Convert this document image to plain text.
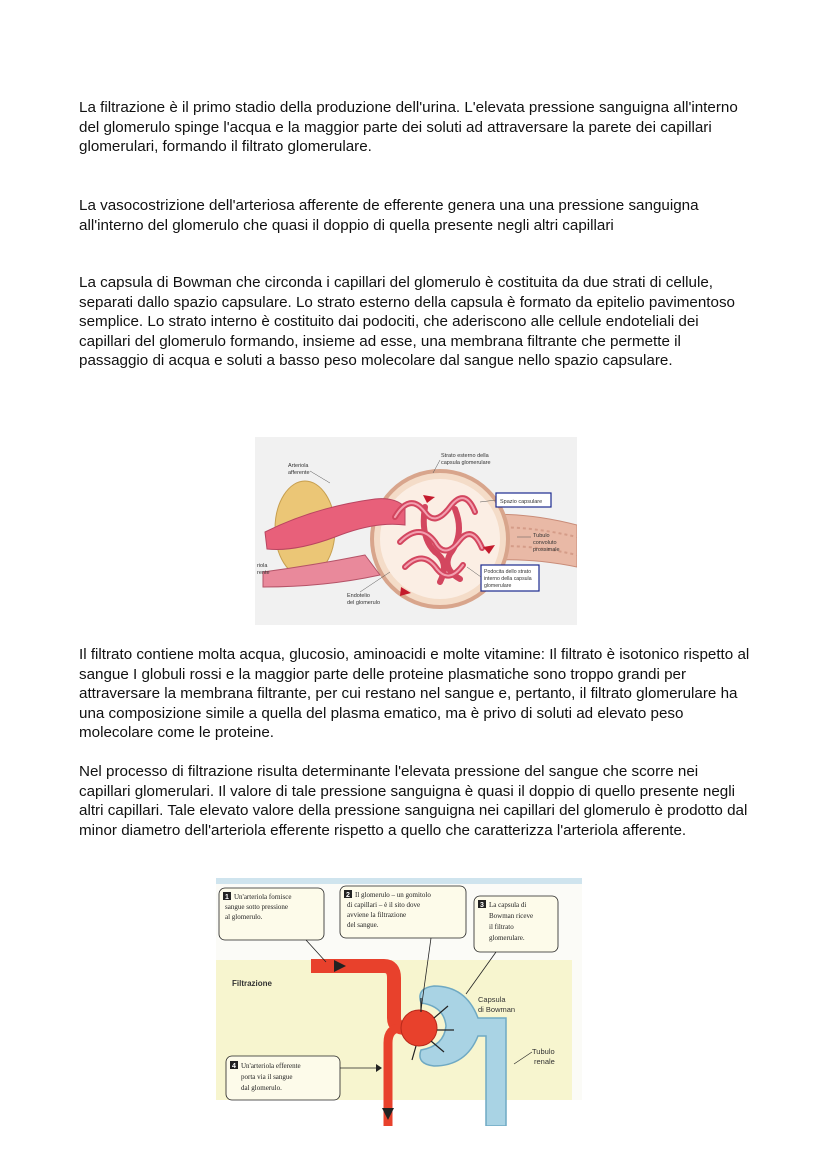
La filtrazione è il primo stadio della produzione dell'urina. L'elevata pressione sanguigna all'interno del glomerulo spinge l'acqua e la maggior parte dei soluti ad attraversare la parete dei capillari glomerulari, formando il filtrato glomerulare.

La vasocostrizione dell'arteriosa afferente de efferente genera una una pressione sanguigna all'interno del glomerulo che quasi il doppio di quella presente negli altri capillari

La capsula di Bowman che circonda i capillari del glomerulo è costituita da due strati di cellule, separati dallo spazio capsulare. Lo strato esterno della capsula è formato da epitelio pavimentoso semplice. Lo strato interno è costituito dai podociti, che aderiscono alle cellule endoteliali dei capillari del glomerulo formando, insieme ad esse, una membrana filtrante che permette il passaggio di acqua e soluti a basso peso molecolare dal sangue nello spazio capsulare.

Arteriola
afferente
Strato esterno della
capsula glomerulare
Spazio capsulare
Tubulo
convoluto
prossimale
riola
rente	Podocita dello strato
interno della capsula
glomerulare
Endotelio
del glomerulo

Il filtrato contiene molta acqua, glucosio, aminoacidi e molte vitamine: Il filtrato è isotonico rispetto al sangue I globuli rossi e la maggior parte delle proteine plasmatiche sono troppo grandi per attraversare la membrana filtrante, per cui restano nel sangue e, pertanto, il filtrato glomerulare ha una composizione simile a quella del plasma ematico, ma è privo di soluti ad elevato peso molecolare come le proteine.

Nel processo di filtrazione risulta determinante l'elevata pressione del sangue che scorre nei capillari glomerulari. Il valore di tale pressione sanguigna è quasi il doppio di quello presente negli altri capillari. Tale elevato valore della pressione sanguigna nei capillari del glomerulo è prodotto dal minor diametro dell'arteriola efferente rispetto a quello che caratterizza l'arteriola afferente.

1 Un'arteriola fornisce
sangue sotto pressione
al glomerulo.
2 Il glomerulo – un gomitolo
di capillari – è il sito dove
avviene la filtrazione
del sangue.
3 La capsula di
Bowman riceve
il filtrato
glomerulare.
4 Un'arteriola efferente
porta via il sangue
dal glomerulo.
Filtrazione
Capsula
di Bowman
Tubulo
renale
